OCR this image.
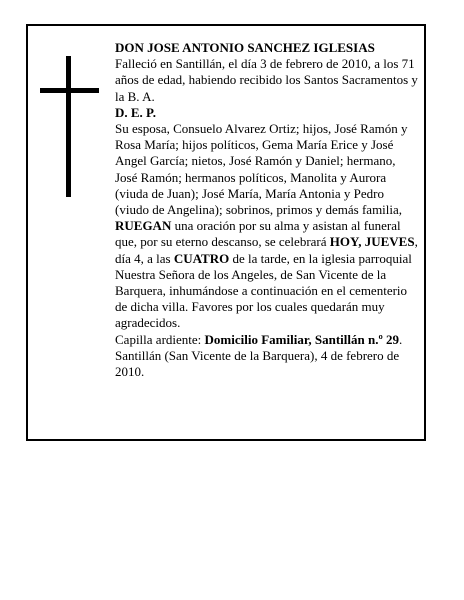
DON JOSE ANTONIO SANCHEZ IGLESIAS

Falleció en Santillán, el día 3 de febrero de 2010, a los 71 años de edad, habiendo recibido los Santos Sacramentos y la B. A.

D. E. P.

Su esposa, Consuelo Alvarez Ortiz; hijos, José Ramón y Rosa María; hijos políticos, Gema María Erice y José Angel García; nietos, José Ramón y Daniel; hermano, José Ramón; hermanos políticos, Manolita y Aurora (viuda de Juan); José María, María Antonia y Pedro (viudo de Angelina); sobrinos, primos y demás familia, RUEGAN una oración por su alma y asistan al funeral que, por su eterno descanso, se celebrará HOY, JUEVES, día 4, a las CUATRO de la tarde, en la iglesia parroquial Nuestra Señora de los Angeles, de San Vicente de la Barquera, inhumándose a continuación en el cementerio de dicha villa. Favores por los cuales quedarán muy agradecidos.

Capilla ardiente: Domicilio Familiar, Santillán n.º 29.

Santillán (San Vicente de la Barquera), 4 de febrero de 2010.
